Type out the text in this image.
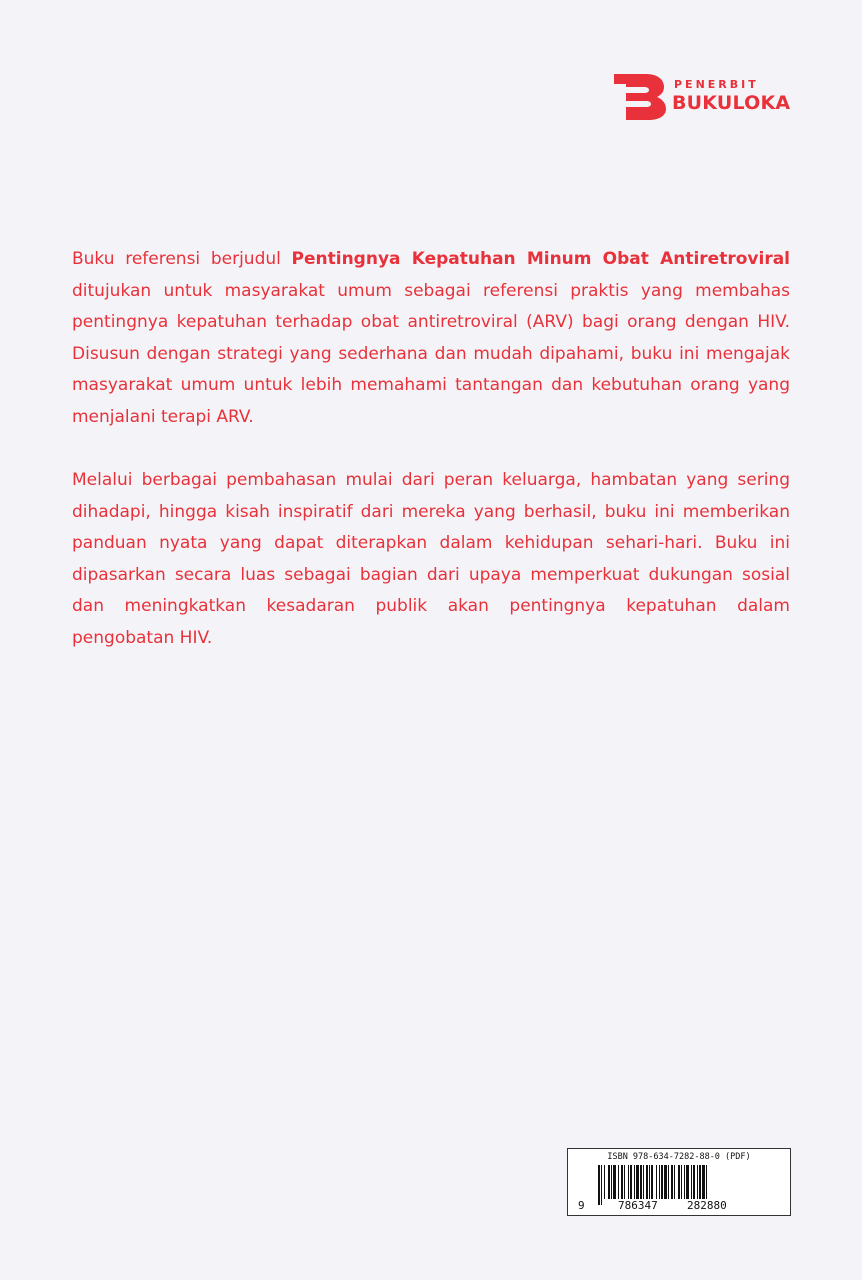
PENERBIT
BUKULOKA

Buku referensi berjudul Pentingnya Kepatuhan Minum Obat Antiretroviral ditujukan untuk masyarakat umum sebagai referensi praktis yang membahas pentingnya kepatuhan terhadap obat antiretroviral (ARV) bagi orang dengan HIV. Disusun dengan strategi yang sederhana dan mudah dipahami, buku ini mengajak masyarakat umum untuk lebih memahami tantangan dan kebutuhan orang yang menjalani terapi ARV.

Melalui berbagai pembahasan mulai dari peran keluarga, hambatan yang sering dihadapi, hingga kisah inspiratif dari mereka yang berhasil, buku ini memberikan panduan nyata yang dapat diterapkan dalam kehidupan sehari-hari. Buku ini dipasarkan secara luas sebagai bagian dari upaya memperkuat dukungan sosial dan meningkatkan kesadaran publik akan pentingnya kepatuhan dalam pengobatan HIV.

ISBN 978-634-7282-88-0 (PDF)
9	786347	282880
